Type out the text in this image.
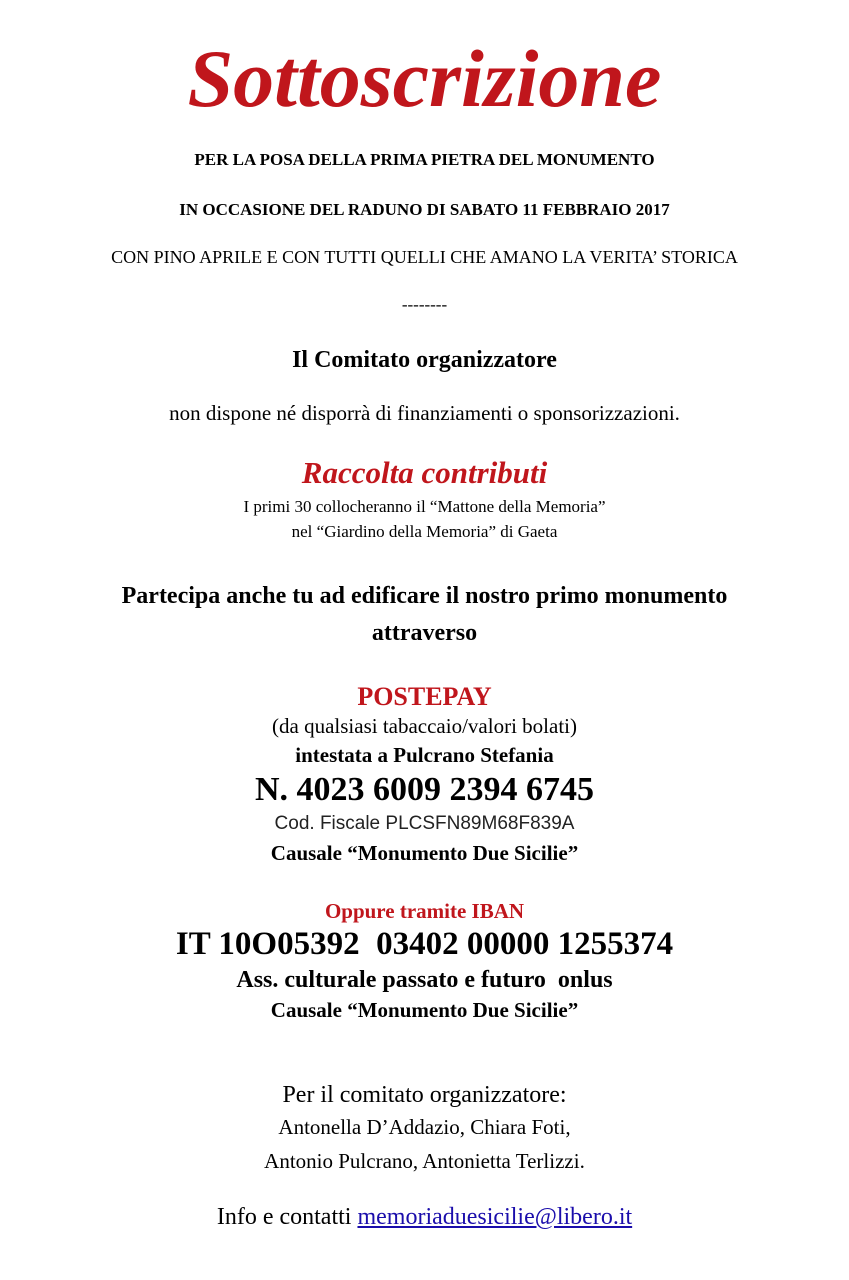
Sottoscrizione
PER LA POSA DELLA PRIMA PIETRA DEL MONUMENTO
IN OCCASIONE DEL RADUNO DI SABATO 11 FEBBRAIO 2017
CON PINO APRILE E CON TUTTI QUELLI CHE AMANO LA VERITA’ STORICA
--------
Il Comitato organizzatore
non dispone né disporrà di finanziamenti o sponsorizzazioni.
Raccolta contributi
I primi 30 collocheranno il “Mattone della Memoria”
nel “Giardino della Memoria” di Gaeta
Partecipa anche tu ad edificare il nostro primo monumento
attraverso
POSTEPAY
(da qualsiasi tabaccaio/valori bolati)
intestata a Pulcrano Stefania
N. 4023 6009 2394 6745
Cod. Fiscale PLCSFN89M68F839A
Causale “Monumento Due Sicilie”
Oppure tramite IBAN
IT 10O05392  03402 00000 1255374
Ass. culturale passato e futuro  onlus
Causale “Monumento Due Sicilie”
Per il comitato organizzatore:
Antonella D’Addazio, Chiara Foti,
Antonio Pulcrano, Antonietta Terlizzi.
Info e contatti memoriaduesicilie@libero.it
